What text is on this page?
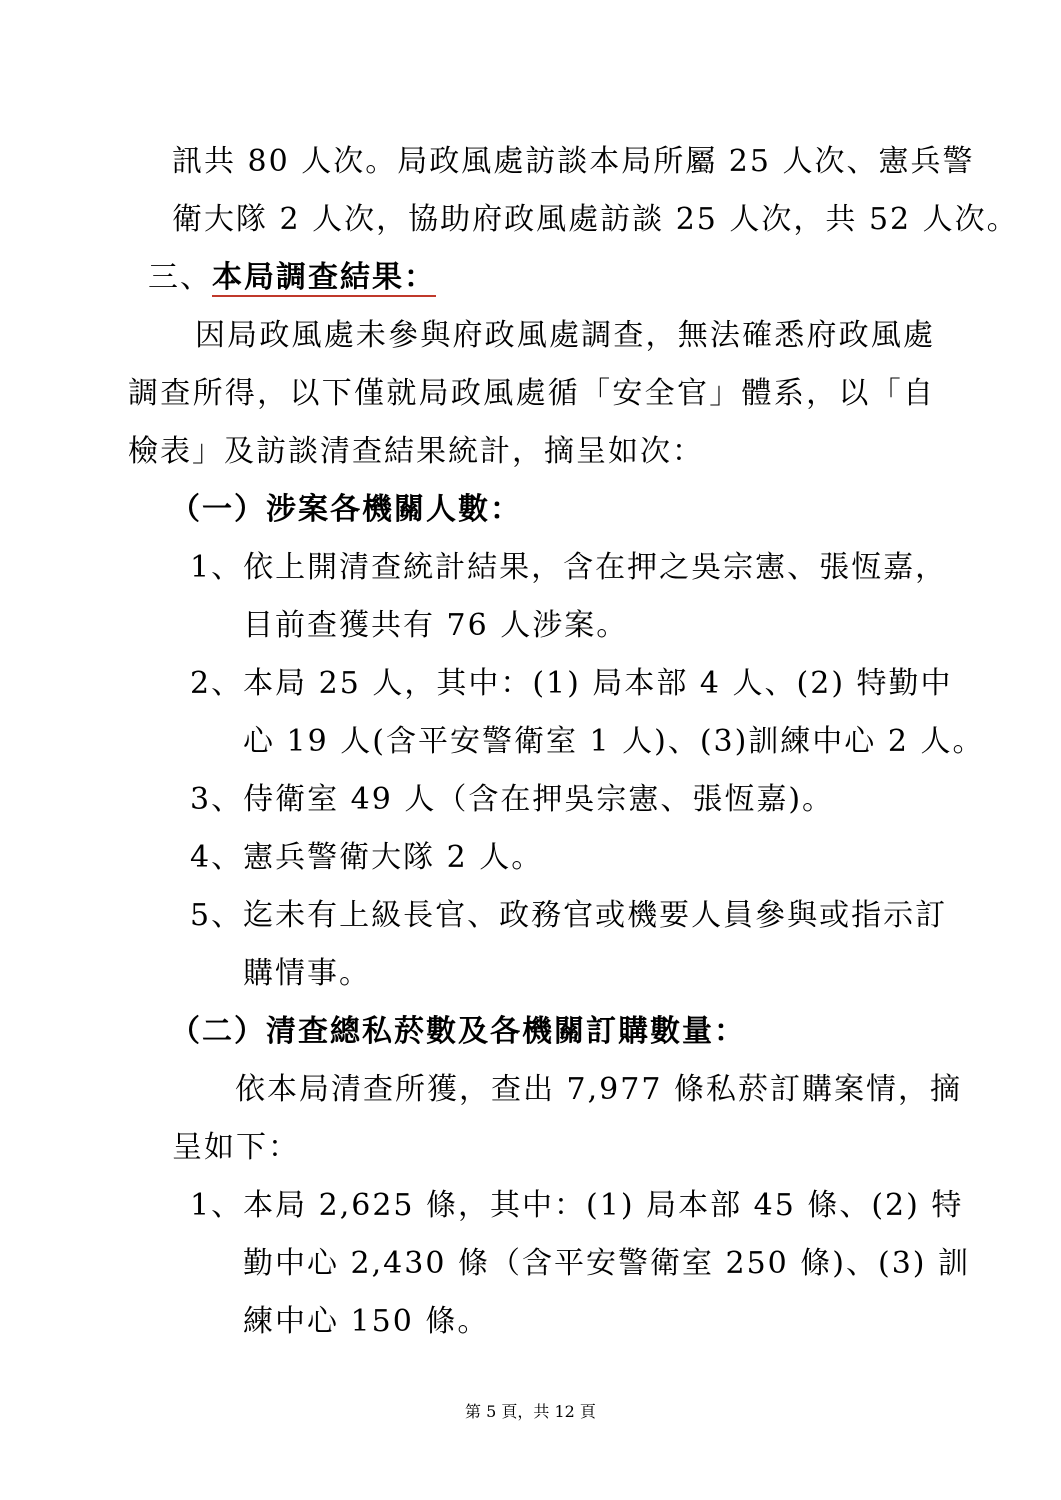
訊共 80 人次。局政風處訪談本局所屬 25 人次、憲兵警
衛大隊 2 人次，協助府政風處訪談 25 人次，共 52 人次。
三、本局調查結果：
因局政風處未參與府政風處調查，無法確悉府政風處
調查所得，以下僅就局政風處循「安全官」體系，以「自
檢表」及訪談清查結果統計，摘呈如次：
（一）涉案各機關人數：
1、依上開清查統計結果，含在押之吳宗憲、張恆嘉，
目前查獲共有 76 人涉案。
2、本局 25 人，其中：(1) 局本部 4 人、(2) 特勤中
心 19 人(含平安警衛室 1 人)、(3)訓練中心 2 人。
3、侍衛室 49 人（含在押吳宗憲、張恆嘉)。
4、憲兵警衛大隊 2 人。
5、迄未有上級長官、政務官或機要人員參與或指示訂
購情事。
（二）清查總私菸數及各機關訂購數量：
依本局清查所獲，查出 7,977 條私菸訂購案情，摘
呈如下：
1、本局 2,625 條，其中：(1) 局本部 45 條、(2) 特
勤中心 2,430 條（含平安警衛室 250 條)、(3) 訓
練中心 150 條。
第 5 頁，共 12 頁
